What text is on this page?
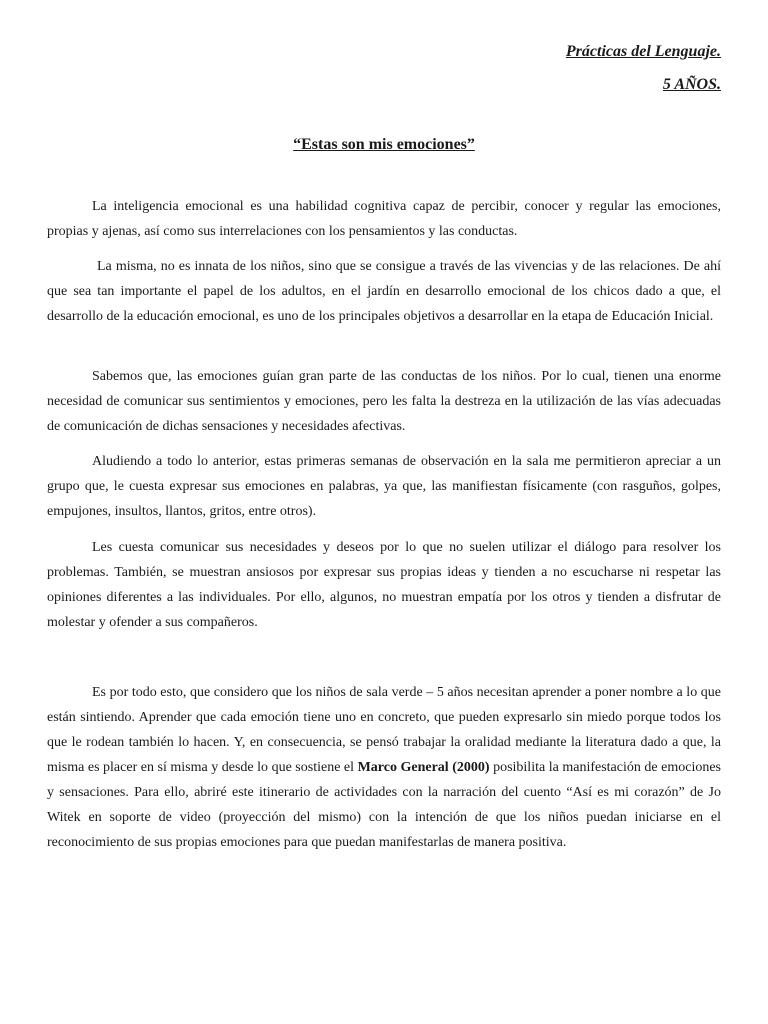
Prácticas del Lenguaje.
5 AÑOS.
“Estas son mis emociones”

La inteligencia emocional es una habilidad cognitiva capaz de percibir, conocer y regular las emociones, propias y ajenas, así como sus interrelaciones con los pensamientos y las conductas.

La misma, no es innata de los niños, sino que se consigue a través de las vivencias y de las relaciones. De ahí que sea tan importante el papel de los adultos, en el jardín en desarrollo emocional de los chicos dado a que, el desarrollo de la educación emocional, es uno de los principales objetivos a desarrollar en la etapa de Educación Inicial.

Sabemos que, las emociones guían gran parte de las conductas de los niños. Por lo cual, tienen una enorme necesidad de comunicar sus sentimientos y emociones, pero les falta la destreza en la utilización de las vías adecuadas de comunicación de dichas sensaciones y necesidades afectivas.

Aludiendo a todo lo anterior, estas primeras semanas de observación en la sala me permitieron apreciar a un grupo que, le cuesta expresar sus emociones en palabras, ya que, las manifiestan físicamente (con rasguños, golpes, empujones, insultos, llantos, gritos, entre otros).

Les cuesta comunicar sus necesidades y deseos por lo que no suelen utilizar el diálogo para resolver los problemas. También, se muestran ansiosos por expresar sus propias ideas y tienden a no escucharse ni respetar las opiniones diferentes a las individuales. Por ello, algunos, no muestran empatía por los otros y tienden a disfrutar de molestar y ofender a sus compañeros.

Es por todo esto, que considero que los niños de sala verde – 5 años necesitan aprender a poner nombre a lo que están sintiendo. Aprender que cada emoción tiene uno en concreto, que pueden expresarlo sin miedo porque todos los que le rodean también lo hacen. Y, en consecuencia, se pensó trabajar la oralidad mediante la literatura dado a que, la misma es placer en sí misma y desde lo que sostiene el Marco General (2000) posibilita la manifestación de emociones y sensaciones. Para ello, abriré este itinerario de actividades con la narración del cuento “Así es mi corazón” de Jo Witek en soporte de video (proyección del mismo) con la intención de que los niños puedan iniciarse en el reconocimiento de sus propias emociones para que puedan manifestarlas de manera positiva.
